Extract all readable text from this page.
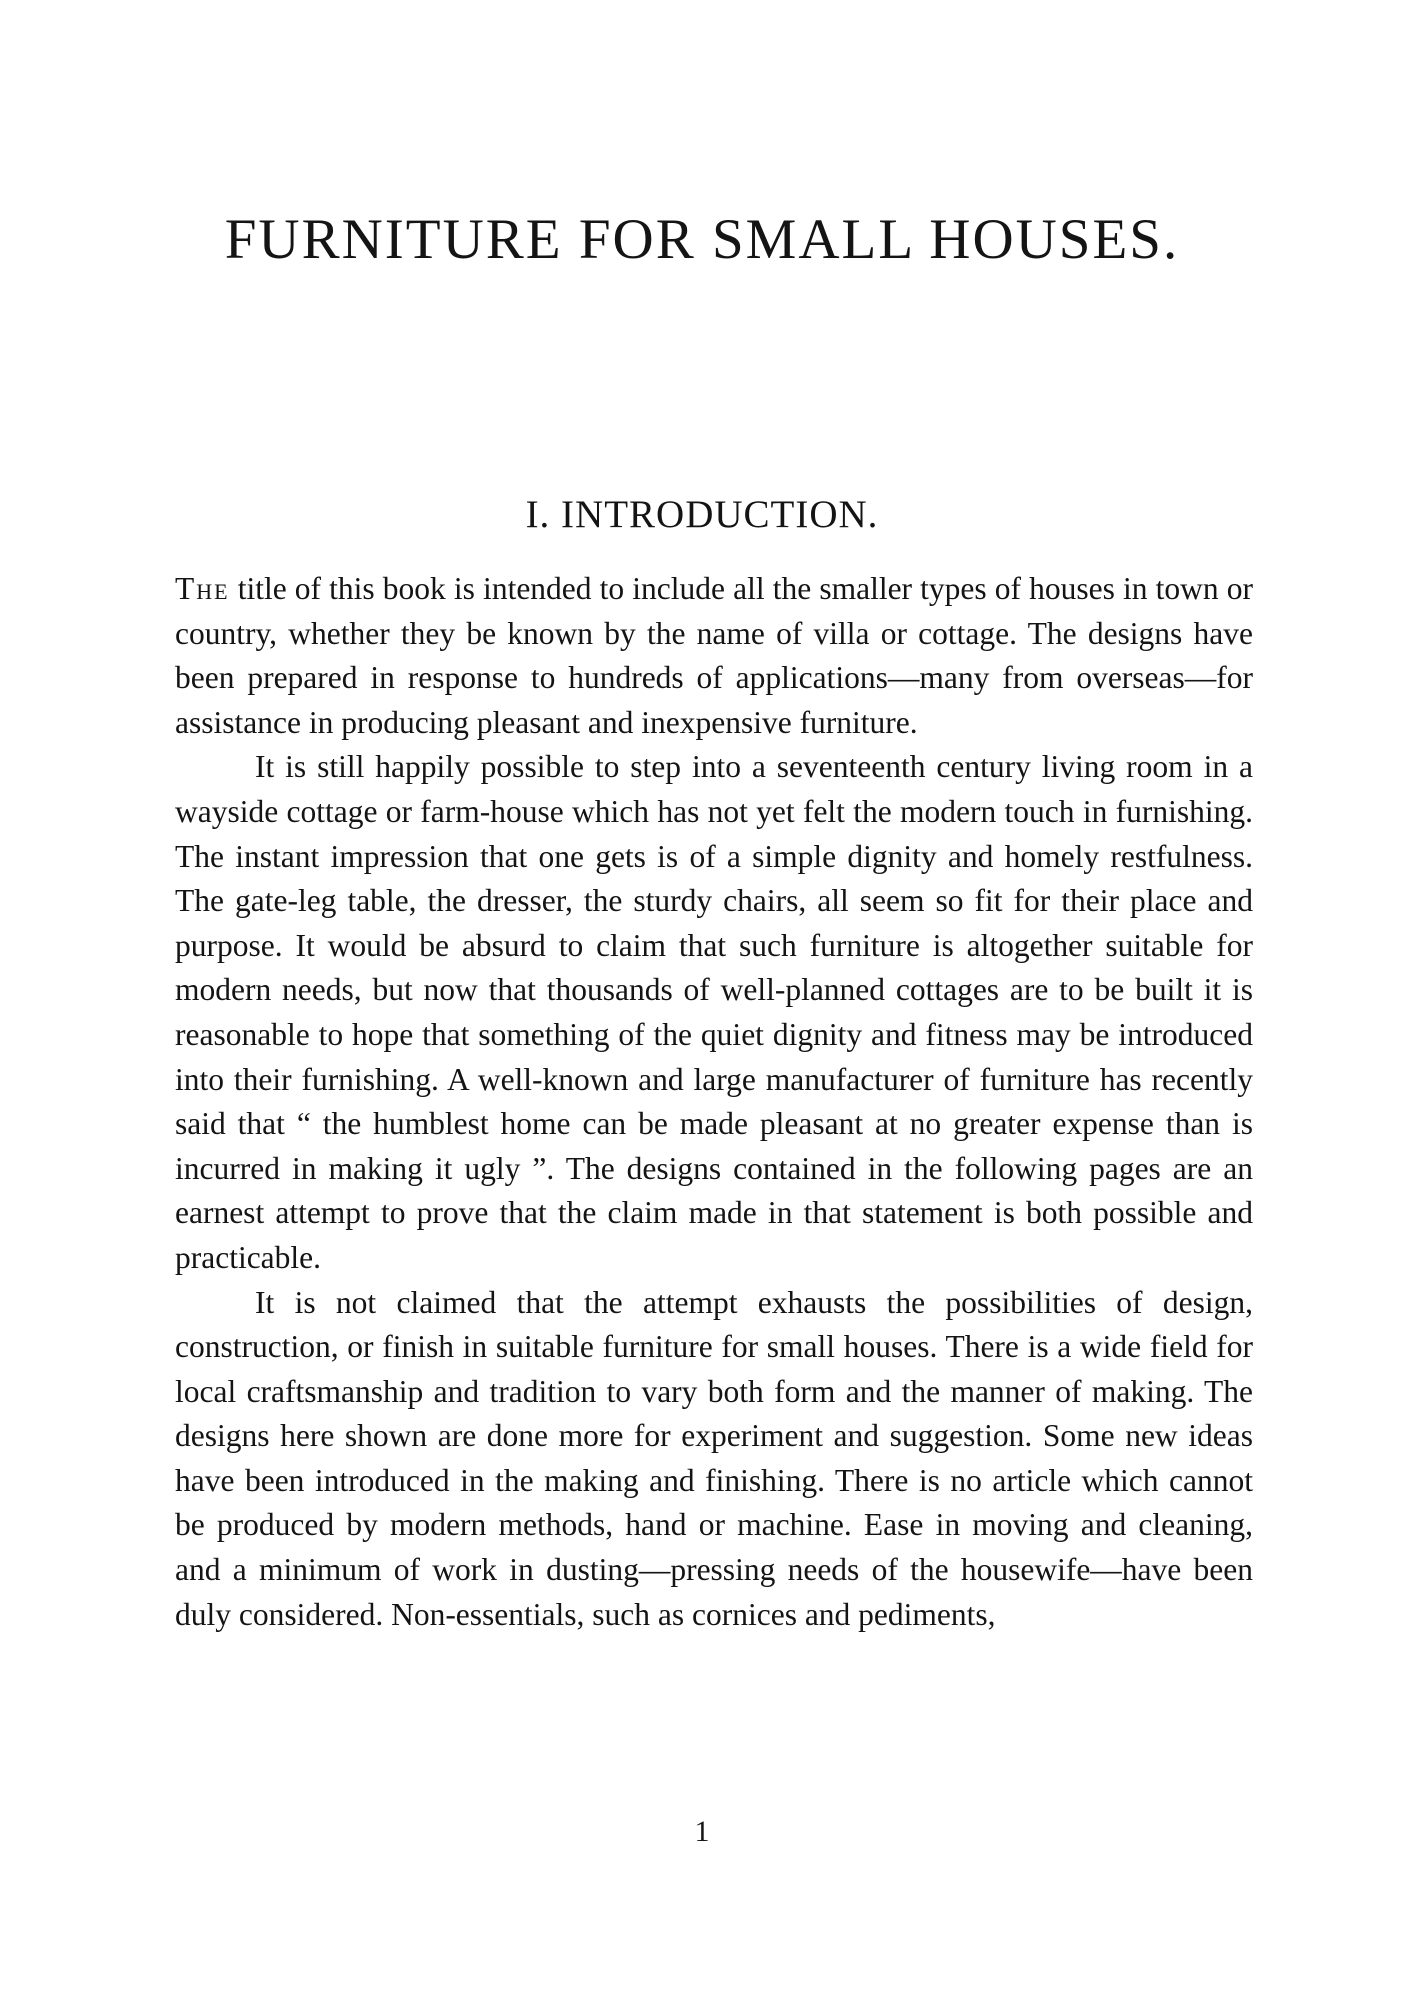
FURNITURE FOR SMALL HOUSES.
I. INTRODUCTION.

The title of this book is intended to include all the smaller types of houses in town or country, whether they be known by the name of villa or cottage. The designs have been prepared in response to hundreds of applications—many from overseas—for assistance in producing pleasant and inexpensive furniture.

It is still happily possible to step into a seventeenth century living room in a wayside cottage or farm-house which has not yet felt the modern touch in furnishing. The instant impression that one gets is of a simple dignity and homely restfulness. The gate-leg table, the dresser, the sturdy chairs, all seem so fit for their place and purpose. It would be absurd to claim that such furniture is altogether suitable for modern needs, but now that thousands of well-planned cottages are to be built it is reasonable to hope that something of the quiet dignity and fitness may be introduced into their furnishing. A well-known and large manufacturer of furniture has recently said that “ the humblest home can be made pleasant at no greater expense than is incurred in making it ugly ”. The designs contained in the following pages are an earnest attempt to prove that the claim made in that statement is both possible and practicable.

It is not claimed that the attempt exhausts the possibilities of design, construction, or finish in suitable furniture for small houses. There is a wide field for local craftsmanship and tradition to vary both form and the manner of making. The designs here shown are done more for experiment and suggestion. Some new ideas have been introduced in the making and finishing. There is no article which cannot be produced by modern methods, hand or machine. Ease in moving and cleaning, and a minimum of work in dusting—pressing needs of the housewife—have been duly considered. Non-essentials, such as cornices and pediments,

1
